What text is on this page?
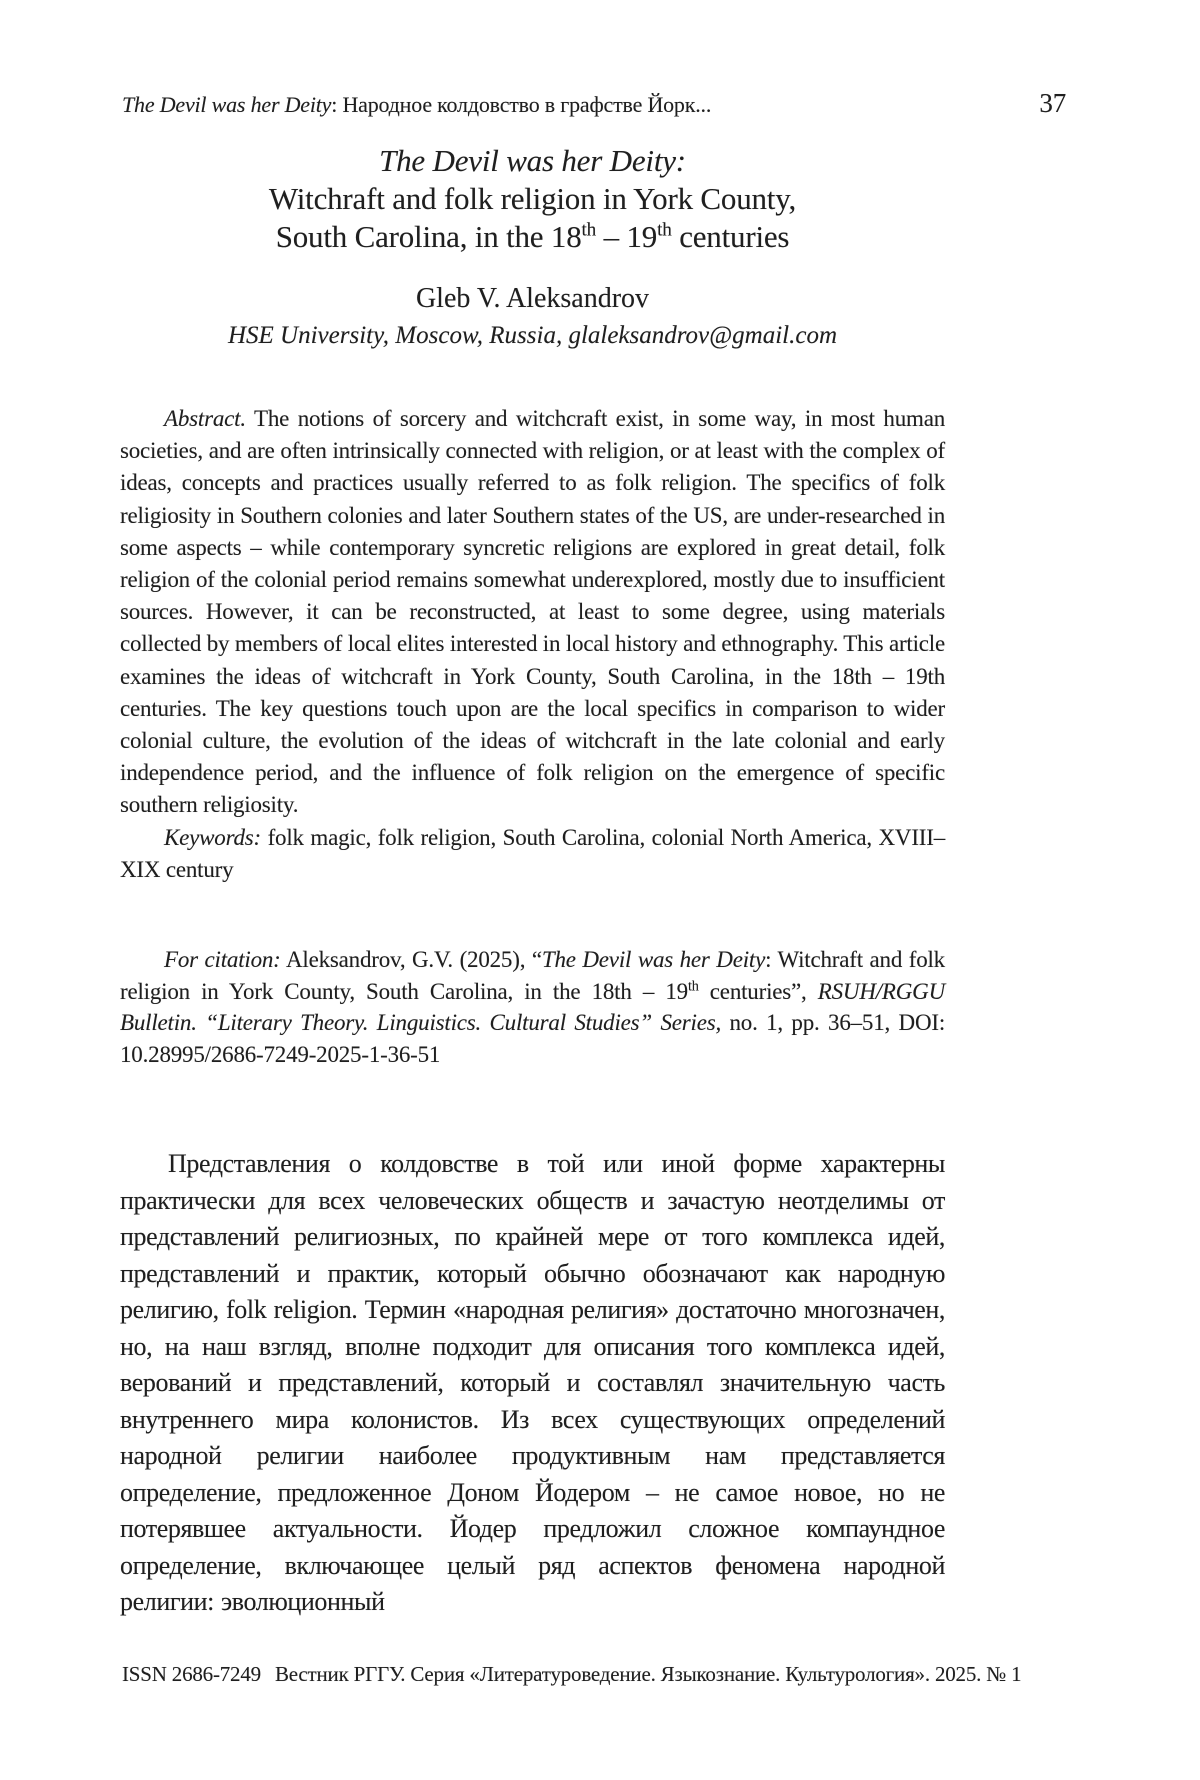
The Devil was her Deity: Народное колдовство в графстве Йорк...	37
The Devil was her Deity:
Witchraft and folk religion in York County,
South Carolina, in the 18th – 19th centuries
Gleb V. Aleksandrov
HSE University, Moscow, Russia, glaleksandrov@gmail.com

Abstract. The notions of sorcery and witchcraft exist, in some way, in most human societies, and are often intrinsically connected with religion, or at least with the complex of ideas, concepts and practices usually referred to as folk religion. The specifics of folk religiosity in Southern colonies and later Southern states of the US, are under-researched in some aspects – while contemporary syncretic religions are explored in great detail, folk religion of the colonial period remains somewhat underexplored, mostly due to insufficient sources. However, it can be reconstructed, at least to some degree, using materials collected by members of local elites interested in local history and ethnography. This article examines the ideas of witchcraft in York County, South Carolina, in the 18th – 19th centuries. The key questions touch upon are the local specifics in comparison to wider colonial culture, the evolution of the ideas of witchcraft in the late colonial and early independence period, and the influence of folk religion on the emergence of specific southern religiosity.

Keywords: folk magic, folk religion, South Carolina, colonial North America, XVIII–XIX century

For citation: Aleksandrov, G.V. (2025), “The Devil was her Deity: Witchraft and folk religion in York County, South Carolina, in the 18th – 19th centuries”, RSUH/RGGU Bulletin. “Literary Theory. Linguistics. Cultural Studies” Series, no. 1, pp. 36–51, DOI: 10.28995/2686-7249-2025-1-36-51

Представления о колдовстве в той или иной форме характерны практически для всех человеческих обществ и зачастую неотделимы от представлений религиозных, по крайней мере от того комплекса идей, представлений и практик, который обычно обозначают как народную религию, folk religion. Термин «народная религия» достаточно многозначен, но, на наш взгляд, вполне подходит для описания того комплекса идей, верований и представлений, который и составлял значительную часть внутреннего мира колонистов. Из всех существующих определений народной религии наиболее продуктивным нам представляется определение, предложенное Доном Йодером – не самое новое, но не потерявшее актуальности. Йодер предложил сложное компаундное определение, включающее целый ряд аспектов феномена народной религии: эволюционный

ISSN 2686-7249 Вестник РГГУ. Серия «Литературоведение. Языкознание. Культурология». 2025. № 1
